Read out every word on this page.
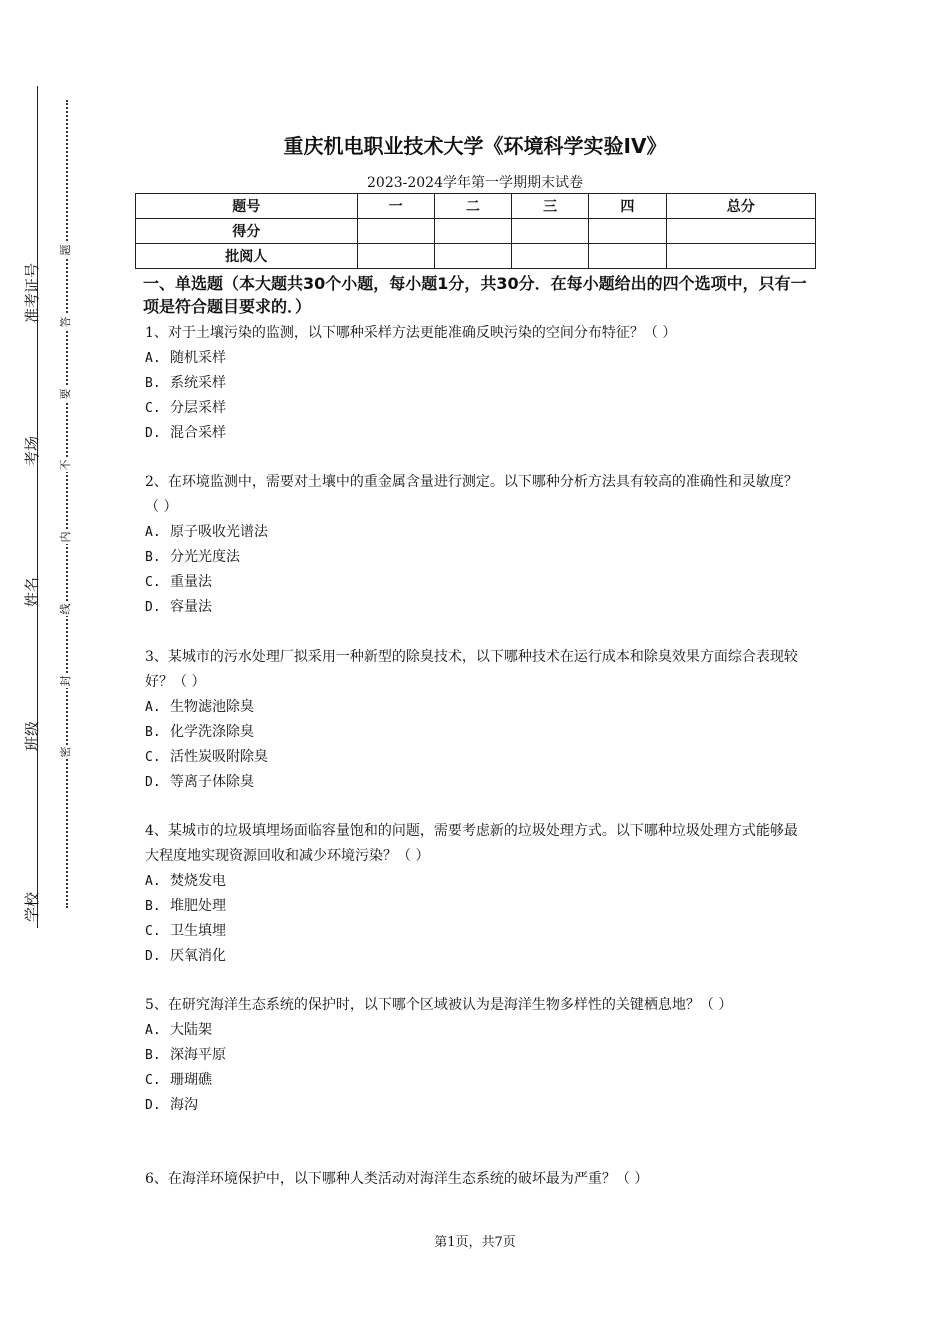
准考证号
考场
姓名
班级
学校
题
答
要
不
内
线
封
密
重庆机电职业技术大学《环境科学实验IV》
2023-2024学年第一学期期末试卷
题号	一	二	三	四	总分
得分					
批阅人					
一、单选题（本大题共30个小题，每小题1分，共30分．在每小题给出的四个选项中，只有一项是符合题目要求的．）
1、对于土壤污染的监测，以下哪种采样方法更能准确反映污染的空间分布特征？（ ）
A. 随机采样
B. 系统采样
C. 分层采样
D. 混合采样
2、在环境监测中，需要对土壤中的重金属含量进行测定。以下哪种分析方法具有较高的准确性和灵敏度？（ ）
A. 原子吸收光谱法
B. 分光光度法
C. 重量法
D. 容量法
3、某城市的污水处理厂拟采用一种新型的除臭技术，以下哪种技术在运行成本和除臭效果方面综合表现较好？（ ）
A. 生物滤池除臭
B. 化学洗涤除臭
C. 活性炭吸附除臭
D. 等离子体除臭
4、某城市的垃圾填埋场面临容量饱和的问题，需要考虑新的垃圾处理方式。以下哪种垃圾处理方式能够最大程度地实现资源回收和减少环境污染？（ ）
A. 焚烧发电
B. 堆肥处理
C. 卫生填埋
D. 厌氧消化
5、在研究海洋生态系统的保护时，以下哪个区域被认为是海洋生物多样性的关键栖息地？（ ）
A. 大陆架
B. 深海平原
C. 珊瑚礁
D. 海沟
6、在海洋环境保护中，以下哪种人类活动对海洋生态系统的破坏最为严重？（ ）
第1页，共7页
